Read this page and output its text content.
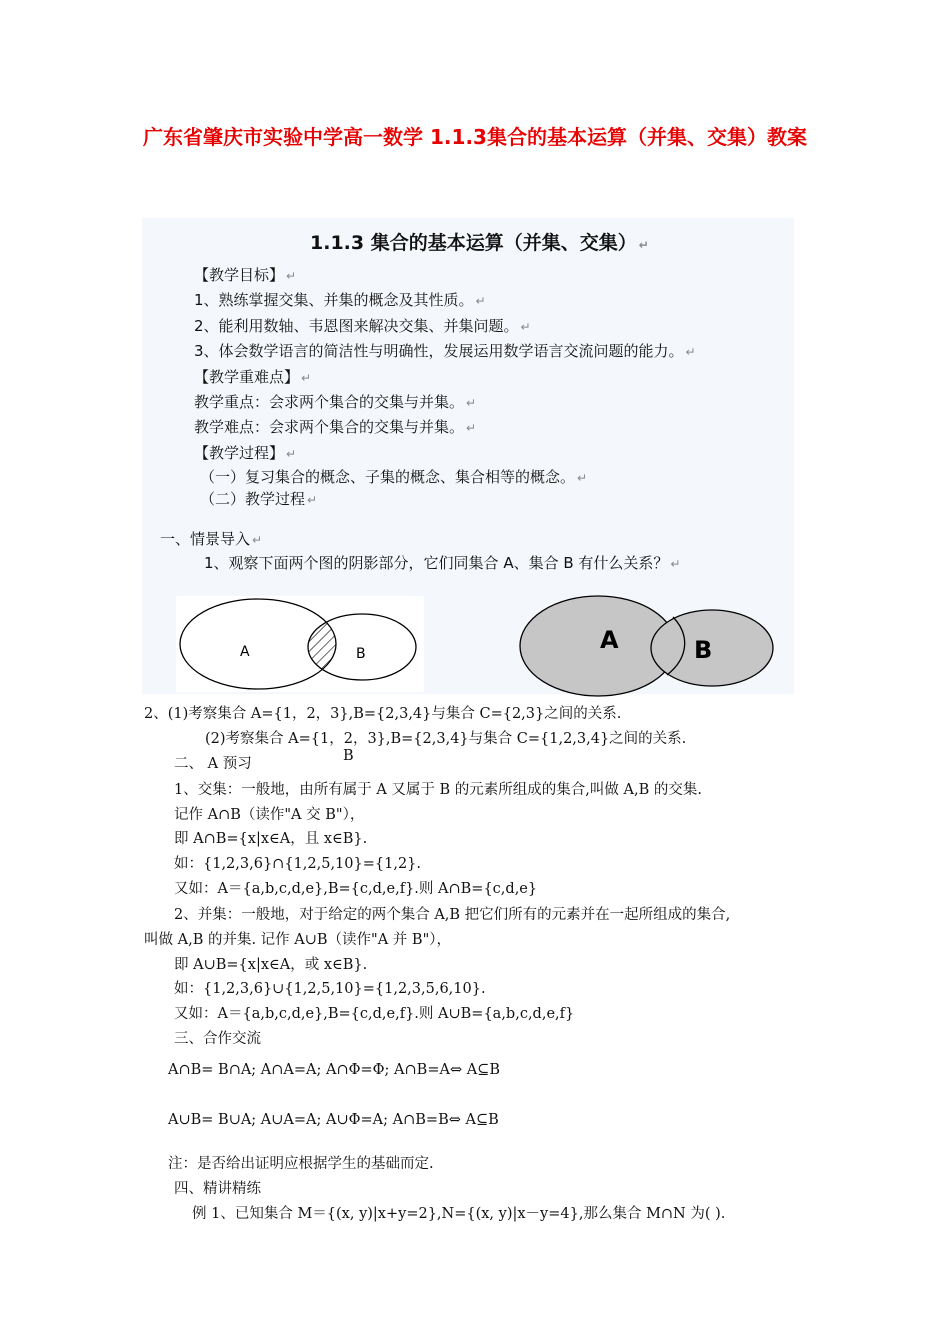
广东省肇庆市实验中学高一数学 1.1.3集合的基本运算（并集、交集）教案
1.1.3 集合的基本运算（并集、交集） ↵
【教学目标】 ↵
1、熟练掌握交集、并集的概念及其性质。 ↵
2、能利用数轴、韦恩图来解决交集、并集问题。 ↵
3、体会数学语言的简洁性与明确性，发展运用数学语言交流问题的能力。 ↵
【教学重难点】 ↵
教学重点：会求两个集合的交集与并集。 ↵
教学难点：会求两个集合的交集与并集。 ↵
【教学过程】 ↵
（一）复习集合的概念、子集的概念、集合相等的概念。 ↵
（二）教学过程 ↵
一、情景导入 ↵
1、观察下面两个图的阴影部分，它们同集合 A、集合 B 有什么关系？ ↵
A	B	A	B
2、(1)考察集合 A={1，2，3},B={2,3,4}与集合 C={2,3}之间的关系.
(2)考察集合 A={1，2，3},B={2,3,4}与集合 C={1,2,3,4}之间的关系.
二、 A 预习	B
1、交集：一般地，由所有属于 A 又属于 B 的元素所组成的集合,叫做 A,B 的交集.
记作 A∩B（读作"A 交 B"），
即 A∩B={x|x∈A，且 x∈B}.
如：{1,2,3,6}∩{1,2,5,10}={1,2}.
又如：A＝{a,b,c,d,e},B={c,d,e,f}.则 A∩B={c,d,e}
2、并集：一般地，对于给定的两个集合 A,B 把它们所有的元素并在一起所组成的集合,
叫做 A,B 的并集. 记作 A∪B（读作"A 并 B"），
即 A∪B={x|x∈A，或 x∈B}.
如：{1,2,3,6}∪{1,2,5,10}={1,2,3,5,6,10}.
又如：A＝{a,b,c,d,e},B={c,d,e,f}.则 A∪B={a,b,c,d,e,f}
三、合作交流
A∩B= B∩A; A∩A=A; A∩Φ=Φ; A∩B=A⇔ A⊆B
A∪B= B∪A; A∪A=A; A∪Φ=A; A∩B=B⇔ A⊆B
注：是否给出证明应根据学生的基础而定.
四、精讲精练
例 1、已知集合 M＝{(x, y)|x+y=2},N={(x, y)|x－y=4},那么集合 M∩N 为( ).
